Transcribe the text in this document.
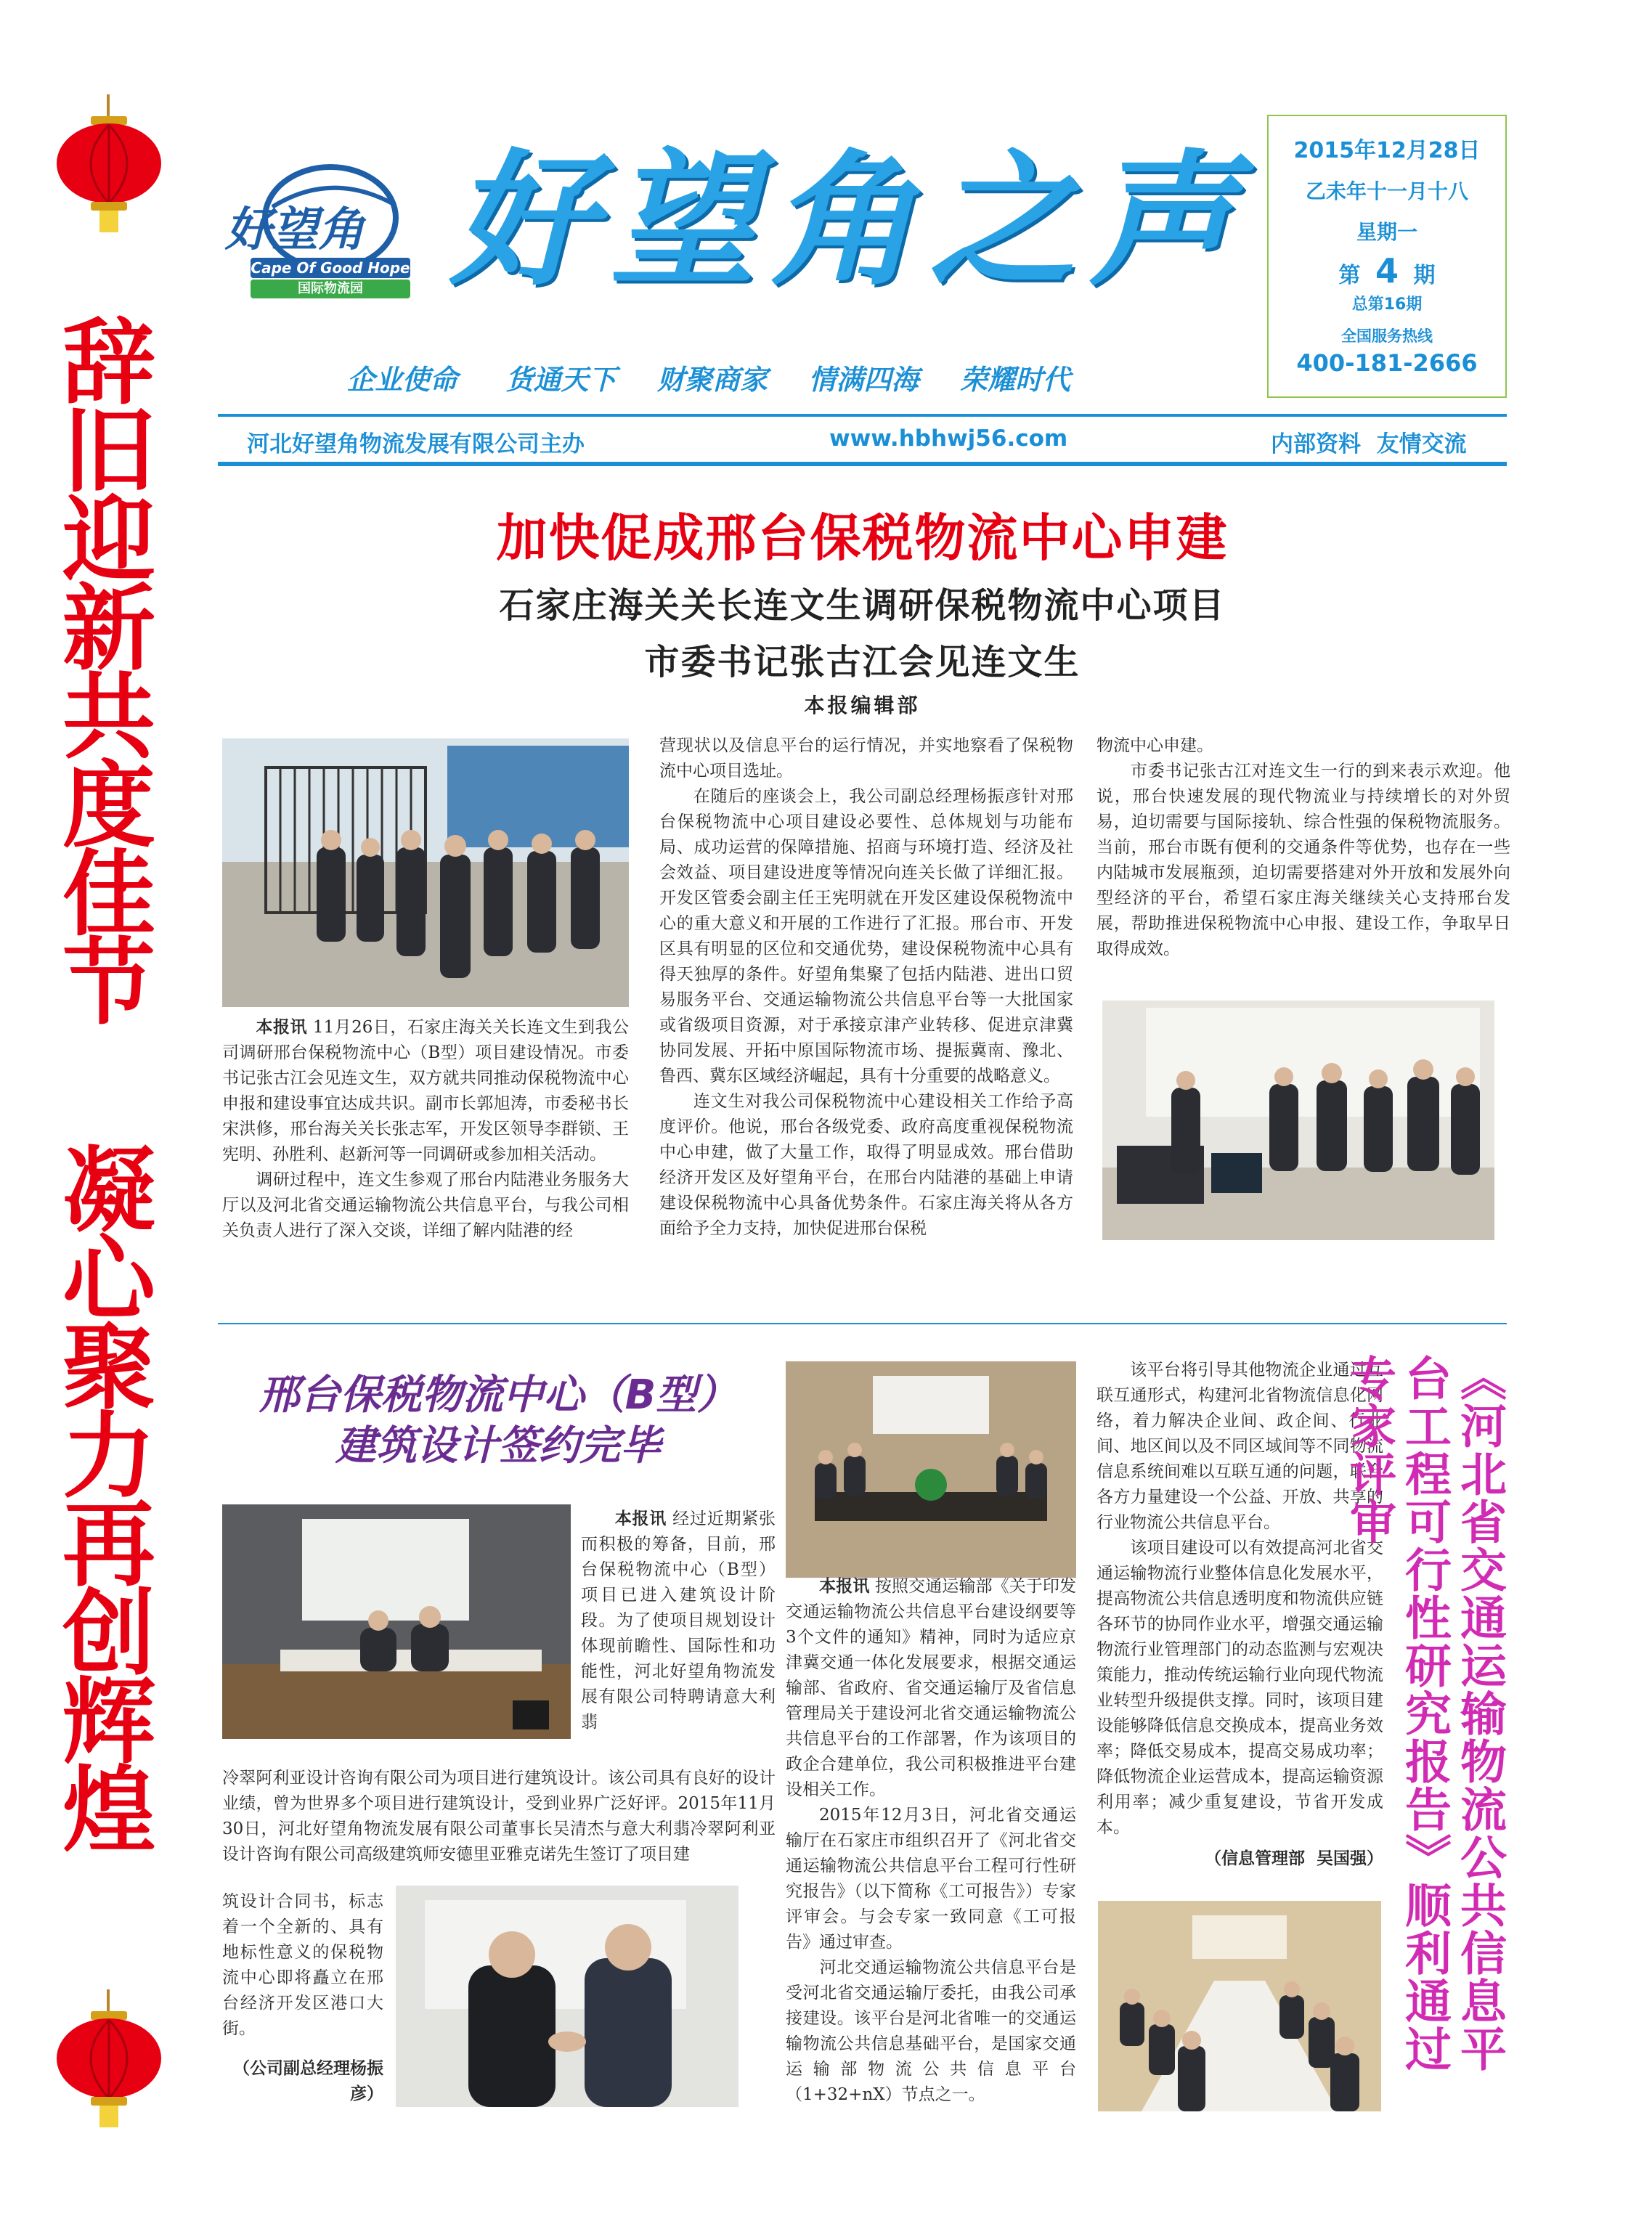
辞
旧
迎
新
共
度
佳
节
凝
心
聚
力
再
创
辉
煌
好望角
Cape Of Good Hope
国际物流园 好望角之声
企业使命 货通天下 财聚商家 情满四海 荣耀时代
2015年12月28日
乙未年十一月十八
星期一
第 4 期
总第16期
全国服务热线
400-181-2666
河北好望角物流发展有限公司主办	www.hbhwj56.com	内部资料  友情交流
加快促成邢台保税物流中心申建
石家庄海关关长连文生调研保税物流中心项目
市委书记张古江会见连文生
本报编辑部

本报讯 11月26日，石家庄海关关长连文生到我公司调研邢台保税物流中心（B型）项目建设情况。市委书记张古江会见连文生，双方就共同推动保税物流中心申报和建设事宜达成共识。副市长郭旭涛，市委秘书长宋洪修，邢台海关关长张志军，开发区领导李群锁、王宪明、孙胜利、赵新河等一同调研或参加相关活动。

调研过程中，连文生参观了邢台内陆港业务服务大厅以及河北省交通运输物流公共信息平台，与我公司相关负责人进行了深入交谈，详细了解内陆港的经

营现状以及信息平台的运行情况，并实地察看了保税物流中心项目选址。

在随后的座谈会上，我公司副总经理杨振彦针对邢台保税物流中心项目建设必要性、总体规划与功能布局、成功运营的保障措施、招商与环境打造、经济及社会效益、项目建设进度等情况向连关长做了详细汇报。开发区管委会副主任王宪明就在开发区建设保税物流中心的重大意义和开展的工作进行了汇报。邢台市、开发区具有明显的区位和交通优势，建设保税物流中心具有得天独厚的条件。好望角集聚了包括内陆港、进出口贸易服务平台、交通运输物流公共信息平台等一大批国家或省级项目资源，对于承接京津产业转移、促进京津冀协同发展、开拓中原国际物流市场、提振冀南、豫北、鲁西、冀东区域经济崛起，具有十分重要的战略意义。

连文生对我公司保税物流中心建设相关工作给予高度评价。他说，邢台各级党委、政府高度重视保税物流中心申建，做了大量工作，取得了明显成效。邢台借助经济开发区及好望角平台，在邢台内陆港的基础上申请建设保税物流中心具备优势条件。石家庄海关将从各方面给予全力支持，加快促进邢台保税

物流中心申建。

市委书记张古江对连文生一行的到来表示欢迎。他说，邢台快速发展的现代物流业与持续增长的对外贸易，迫切需要与国际接轨、综合性强的保税物流服务。当前，邢台市既有便利的交通条件等优势，也存在一些内陆城市发展瓶颈，迫切需要搭建对外开放和发展外向型经济的平台，希望石家庄海关继续关心支持邢台发展，帮助推进保税物流中心申报、建设工作，争取早日取得成效。

邢台保税物流中心（B型）
建筑设计签约完毕

本报讯 经过近期紧张而积极的筹备，目前，邢台保税物流中心（B型）项目已进入建筑设计阶段。为了使项目规划设计体现前瞻性、国际性和功能性，河北好望角物流发展有限公司特聘请意大利翡

冷翠阿利亚设计咨询有限公司为项目进行建筑设计。该公司具有良好的设计业绩，曾为世界多个项目进行建筑设计，受到业界广泛好评。2015年11月30日，河北好望角物流发展有限公司董事长吴清杰与意大利翡冷翠阿利亚设计咨询有限公司高级建筑师安德里亚雅克诺先生签订了项目建

筑设计合同书，标志着一个全新的、具有地标性意义的保税物流中心即将矗立在邢台经济开发区港口大街。

（公司副总经理杨振彦）

本报讯 按照交通运输部《关于印发交通运输物流公共信息平台建设纲要等3个文件的通知》精神，同时为适应京津冀交通一体化发展要求，根据交通运输部、省政府、省交通运输厅及省信息管理局关于建设河北省交通运输物流公共信息平台的工作部署，作为该项目的政企合建单位，我公司积极推进平台建设相关工作。

2015年12月3日，河北省交通运输厅在石家庄市组织召开了《河北省交通运输物流公共信息平台工程可行性研究报告》（以下简称《工可报告》）专家评审会。与会专家一致同意《工可报告》通过审查。

河北交通运输物流公共信息平台是受河北省交通运输厅委托，由我公司承接建设。该平台是河北省唯一的交通运输物流公共信息基础平台，是国家交通运输部物流公共信息平台（1+32+nX）节点之一。

该平台将引导其他物流企业通过互联互通形式，构建河北省物流信息化网络，着力解决企业间、政企间、行业间、地区间以及不同区域间等不同物流信息系统间难以互联互通的问题，联合各方力量建设一个公益、开放、共享的行业物流公共信息平台。

该项目建设可以有效提高河北省交通运输物流行业整体信息化发展水平，提高物流公共信息透明度和物流供应链各环节的协同作业水平，增强交通运输物流行业管理部门的动态监测与宏观决策能力，推动传统运输行业向现代物流业转型升级提供支撑。同时，该项目建设能够降低信息交换成本，提高业务效率；降低交易成本，提高交易成功率；降低物流企业运营成本，提高运输资源利用率；减少重复建设，节省开发成本。

（信息管理部  吴国强）	《河北省交通运输物流公共信息平台工程可行性研究报告》顺利通过专家评审
